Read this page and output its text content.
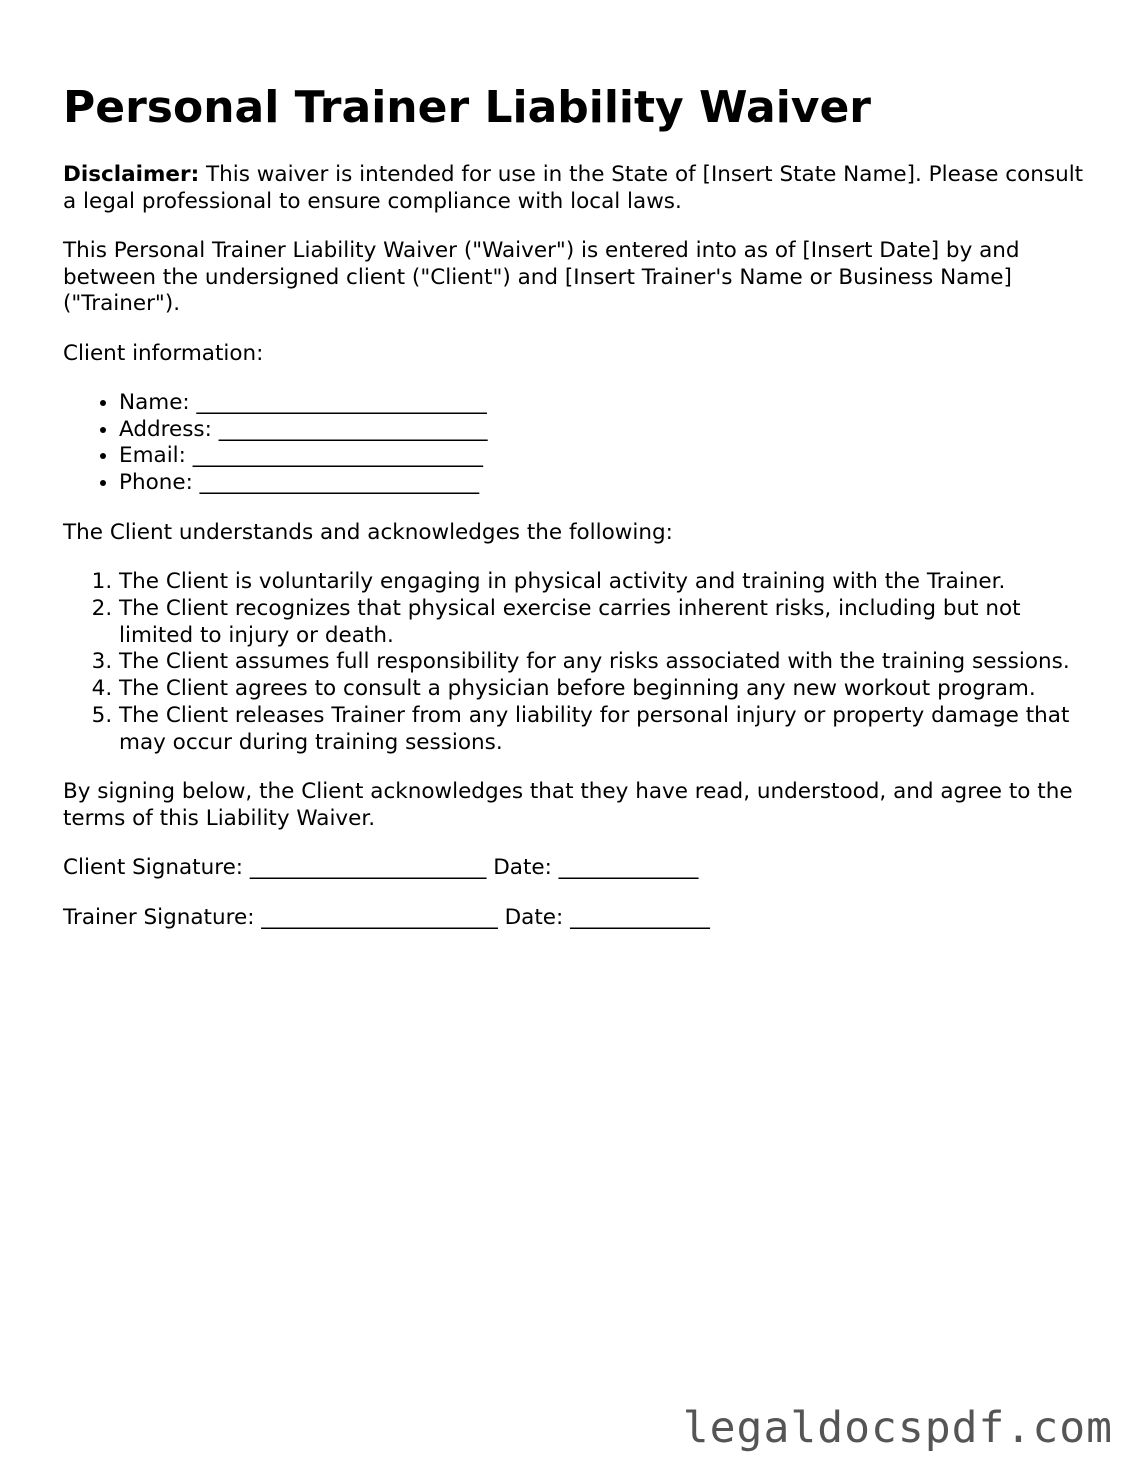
Personal Trainer Liability Waiver

Disclaimer: This waiver is intended for use in the State of [Insert State Name]. Please consult a legal professional to ensure compliance with local laws.

This Personal Trainer Liability Waiver ("Waiver") is entered into as of [Insert Date] by and between the undersigned client ("Client") and [Insert Trainer's Name or Business Name] ("Trainer").

Client information:

• Name: ___________________________
• Address: _________________________
• Email: ___________________________
• Phone: __________________________

The Client understands and acknowledges the following:

1. The Client is voluntarily engaging in physical activity and training with the Trainer.
2. The Client recognizes that physical exercise carries inherent risks, including but not limited to injury or death.
3. The Client assumes full responsibility for any risks associated with the training sessions.
4. The Client agrees to consult a physician before beginning any new workout program.
5. The Client releases Trainer from any liability for personal injury or property damage that may occur during training sessions.

By signing below, the Client acknowledges that they have read, understood, and agree to the terms of this Liability Waiver.

Client Signature: ______________________ Date: _____________

Trainer Signature: ______________________ Date: _____________

legaldocspdf.com
